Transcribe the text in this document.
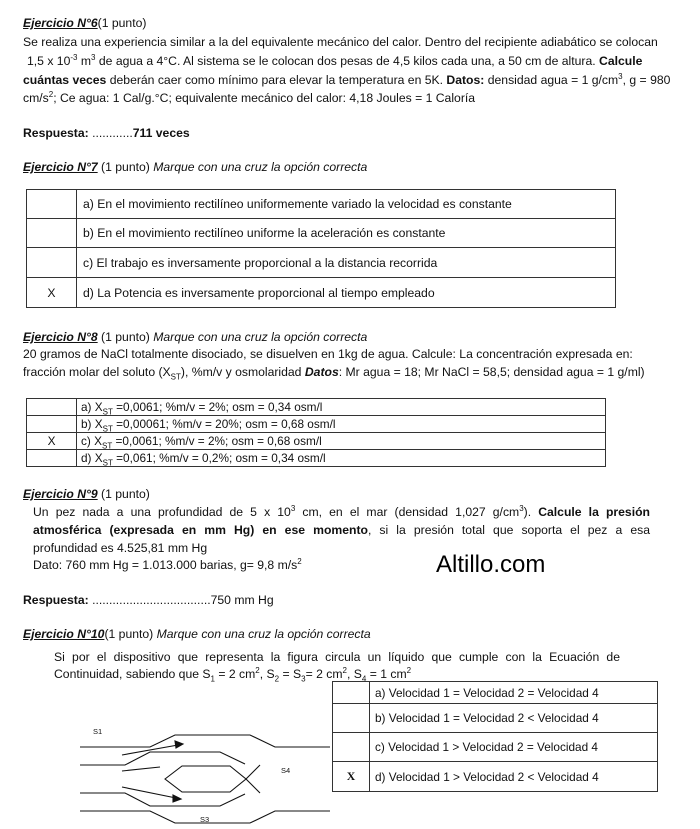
Ejercicio N°6(1 punto)
Se realiza una experiencia similar a la del equivalente mecánico del calor. Dentro del recipiente adiabático se colocan
1,5 x $10^{-3}$ $m^3$ de agua a 4°C. Al sistema se le colocan dos pesas de 4,5 kilos cada una, a 50 cm de altura. Calcule
cuántas veces deberán caer como mínimo para elevar la temperatura en 5K. Datos: densidad agua = 1 $g/cm^3$, g = 980
$cm/s^2$; Ce agua: 1 Cal/g.°C; equivalente mecánico del calor: 4,18 Joules = 1 Caloría
Respuesta: ............711 veces
Ejercicio N°7 (1 punto) Marque con una cruz la opción correcta
	a) En el movimiento rectilíneo uniformemente variado la velocidad es constante
	b) En el movimiento rectilíneo uniforme la aceleración es constante
	c) El trabajo es inversamente proporcional a la distancia recorrida
X	d) La Potencia es inversamente proporcional al tiempo empleado
Ejercicio N°8 (1 punto) Marque con una cruz la opción correcta
20 gramos de NaCl totalmente disociado, se disuelven en 1kg de agua. Calcule: La concentración expresada en:
fracción molar del soluto $(X_{ST})$, %m/v y osmolaridad Datos: Mr agua = 18; Mr NaCl = 58,5; densidad agua = 1 g/ml)
	a) $X_{ST} =0,0061$; %m/v = 2%; osm = 0,34 osm/l
	b) $X_{ST} =0,00061$; %m/v = 20%; osm = 0,68 osm/l
X	c) $X_{ST} =0,0061$; %m/v = 2%; osm = 0,68 osm/l
	d) $X_{ST} =0,061$; %m/v = 0,2%; osm = 0,34 osm/l
Ejercicio N°9 (1 punto)
Un pez nada a una profundidad de 5 x $10^3$ cm, en el mar (densidad 1,027 $g/cm^3$). Calcule la presión
atmosférica (expresada en mm Hg) en ese momento, si la presión total que soporta el pez a esa
profundidad es 4.525,81 mm Hg
Dato: 760 mm Hg = 1.013.000 barias, g= 9,8 $m/s^2$	Altillo.com
Respuesta: ...................................750 mm Hg
Ejercicio N°10(1 punto) Marque con una cruz la opción correcta
Si por el dispositivo que representa la figura circula un líquido que cumple con la Ecuación de
Continuidad, sabiendo que $S_1 = 2$ $cm^2$, $S_2 = S_3= 2$ $cm^2$, $S_4 = 1$ $cm^2$
S1
S4
S3
	a) Velocidad 1 = Velocidad 2 = Velocidad 4
	b) Velocidad 1 = Velocidad 2 < Velocidad 4
	c) Velocidad 1 > Velocidad 2 = Velocidad 4
X	d) Velocidad 1 > Velocidad 2 < Velocidad 4
